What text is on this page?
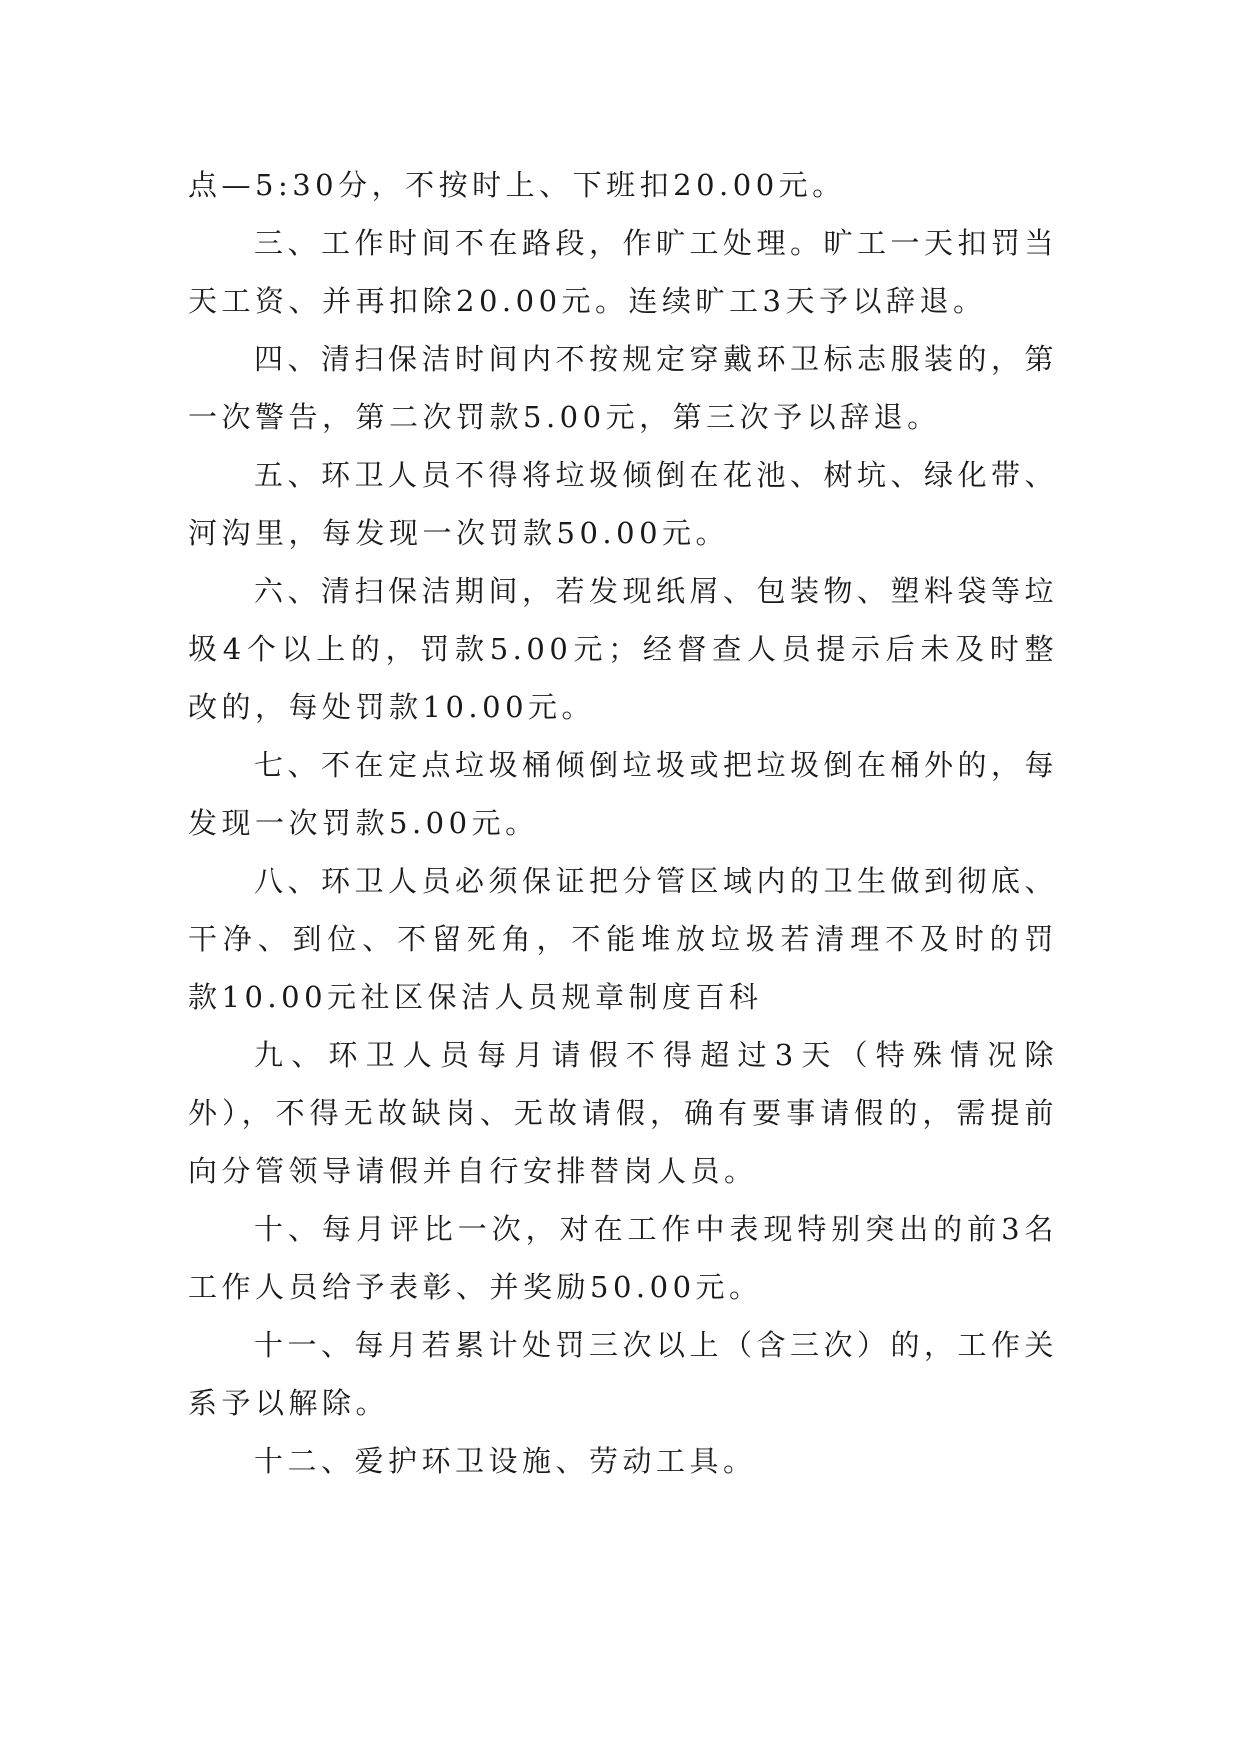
点—5:30分，不按时上、下班扣20.00元。

三、工作时间不在路段，作旷工处理。旷工一天扣罚当天工资、并再扣除20.00元。连续旷工3天予以辞退。

四、清扫保洁时间内不按规定穿戴环卫标志服装的，第一次警告，第二次罚款5.00元，第三次予以辞退。

五、环卫人员不得将垃圾倾倒在花池、树坑、绿化带、河沟里，每发现一次罚款50.00元。

六、清扫保洁期间，若发现纸屑、包装物、塑料袋等垃圾4个以上的，罚款5.00元；经督查人员提示后未及时整改的，每处罚款10.00元。

七、不在定点垃圾桶倾倒垃圾或把垃圾倒在桶外的，每发现一次罚款5.00元。

八、环卫人员必须保证把分管区域内的卫生做到彻底、干净、到位、不留死角，不能堆放垃圾若清理不及时的罚款10.00元社区保洁人员规章制度百科

九、环卫人员每月请假不得超过3天（特殊情况除外），不得无故缺岗、无故请假，确有要事请假的，需提前向分管领导请假并自行安排替岗人员。

十、每月评比一次，对在工作中表现特别突出的前3名工作人员给予表彰、并奖励50.00元。

十一、每月若累计处罚三次以上（含三次）的，工作关系予以解除。

十二、爱护环卫设施、劳动工具。
